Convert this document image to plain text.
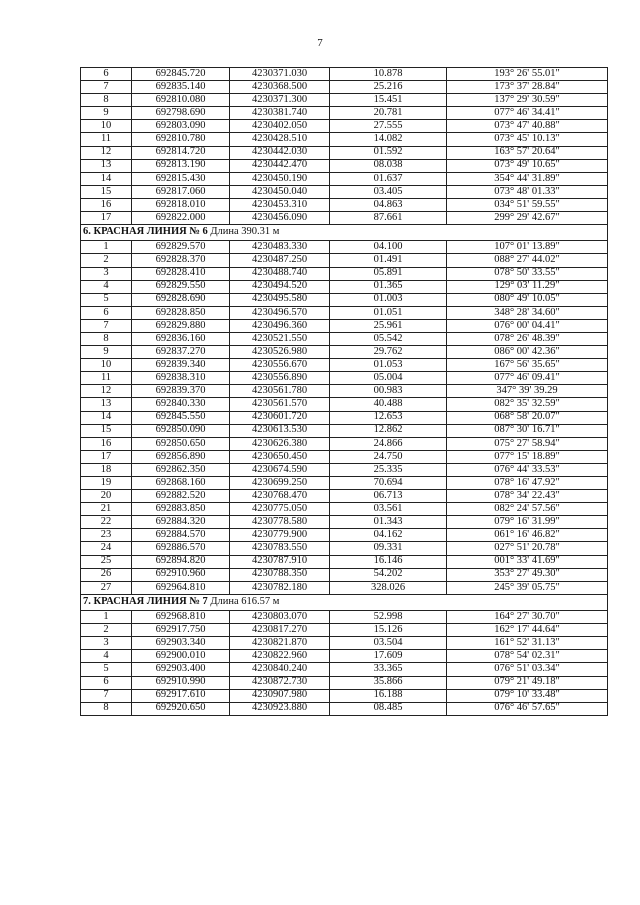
7
6	692845.720	4230371.030	10.878	193° 26' 55.01"
7	692835.140	4230368.500	25.216	173° 37' 28.84"
8	692810.080	4230371.300	15.451	137° 29' 30.59"
9	692798.690	4230381.740	20.781	077° 46' 34.41"
10	692803.090	4230402.050	27.555	073° 47' 40.88"
11	692810.780	4230428.510	14.082	073° 45' 10.13"
12	692814.720	4230442.030	01.592	163° 57' 20.64"
13	692813.190	4230442.470	08.038	073° 49' 10.65"
14	692815.430	4230450.190	01.637	354° 44' 31.89"
15	692817.060	4230450.040	03.405	073° 48' 01.33"
16	692818.010	4230453.310	04.863	034° 51' 59.55"
17	692822.000	4230456.090	87.661	299° 29' 42.67"
6. КРАСНАЯ ЛИНИЯ № 6 Длина 390.31 м				
1	692829.570	4230483.330	04.100	107° 01' 13.89"
2	692828.370	4230487.250	01.491	088° 27' 44.02"
3	692828.410	4230488.740	05.891	078° 50' 33.55"
4	692829.550	4230494.520	01.365	129° 03' 11.29"
5	692828.690	4230495.580	01.003	080° 49' 10.05"
6	692828.850	4230496.570	01.051	348° 28' 34.60"
7	692829.880	4230496.360	25.961	076° 00' 04.41"
8	692836.160	4230521.550	05.542	078° 26' 48.39"
9	692837.270	4230526.980	29.762	086° 00' 42.36"
10	692839.340	4230556.670	01.053	167° 56' 35.65"
11	692838.310	4230556.890	05.004	077° 46' 09.41"
12	692839.370	4230561.780	00.983	347° 39' 39.29
13	692840.330	4230561.570	40.488	082° 35' 32.59"
14	692845.550	4230601.720	12.653	068° 58' 20.07"
15	692850.090	4230613.530	12.862	087° 30' 16.71"
16	692850.650	4230626.380	24.866	075° 27' 58.94"
17	692856.890	4230650.450	24.750	077° 15' 18.89"
18	692862.350	4230674.590	25.335	076° 44' 33.53"
19	692868.160	4230699.250	70.694	078° 16' 47.92"
20	692882.520	4230768.470	06.713	078° 34' 22.43"
21	692883.850	4230775.050	03.561	082° 24' 57.56"
22	692884.320	4230778.580	01.343	079° 16' 31.99"
23	692884.570	4230779.900	04.162	061° 16' 46.82"
24	692886.570	4230783.550	09.331	027° 51' 20.78"
25	692894.820	4230787.910	16.146	001° 33' 41.69"
26	692910.960	4230788.350	54.202	353° 27' 49.30"
27	692964.810	4230782.180	328.026	245° 39' 05.75"
7. КРАСНАЯ ЛИНИЯ № 7 Длина 616.57 м				
1	692968.810	4230803.070	52.998	164° 27' 30.70"
2	692917.750	4230817.270	15.126	162° 17' 44.64"
3	692903.340	4230821.870	03.504	161° 52' 31.13"
4	692900.010	4230822.960	17.609	078° 54' 02.31"
5	692903.400	4230840.240	33.365	076° 51' 03.34"
6	692910.990	4230872.730	35.866	079° 21' 49.18"
7	692917.610	4230907.980	16.188	079° 10' 33.48"
8	692920.650	4230923.880	08.485	076° 46' 57.65"
